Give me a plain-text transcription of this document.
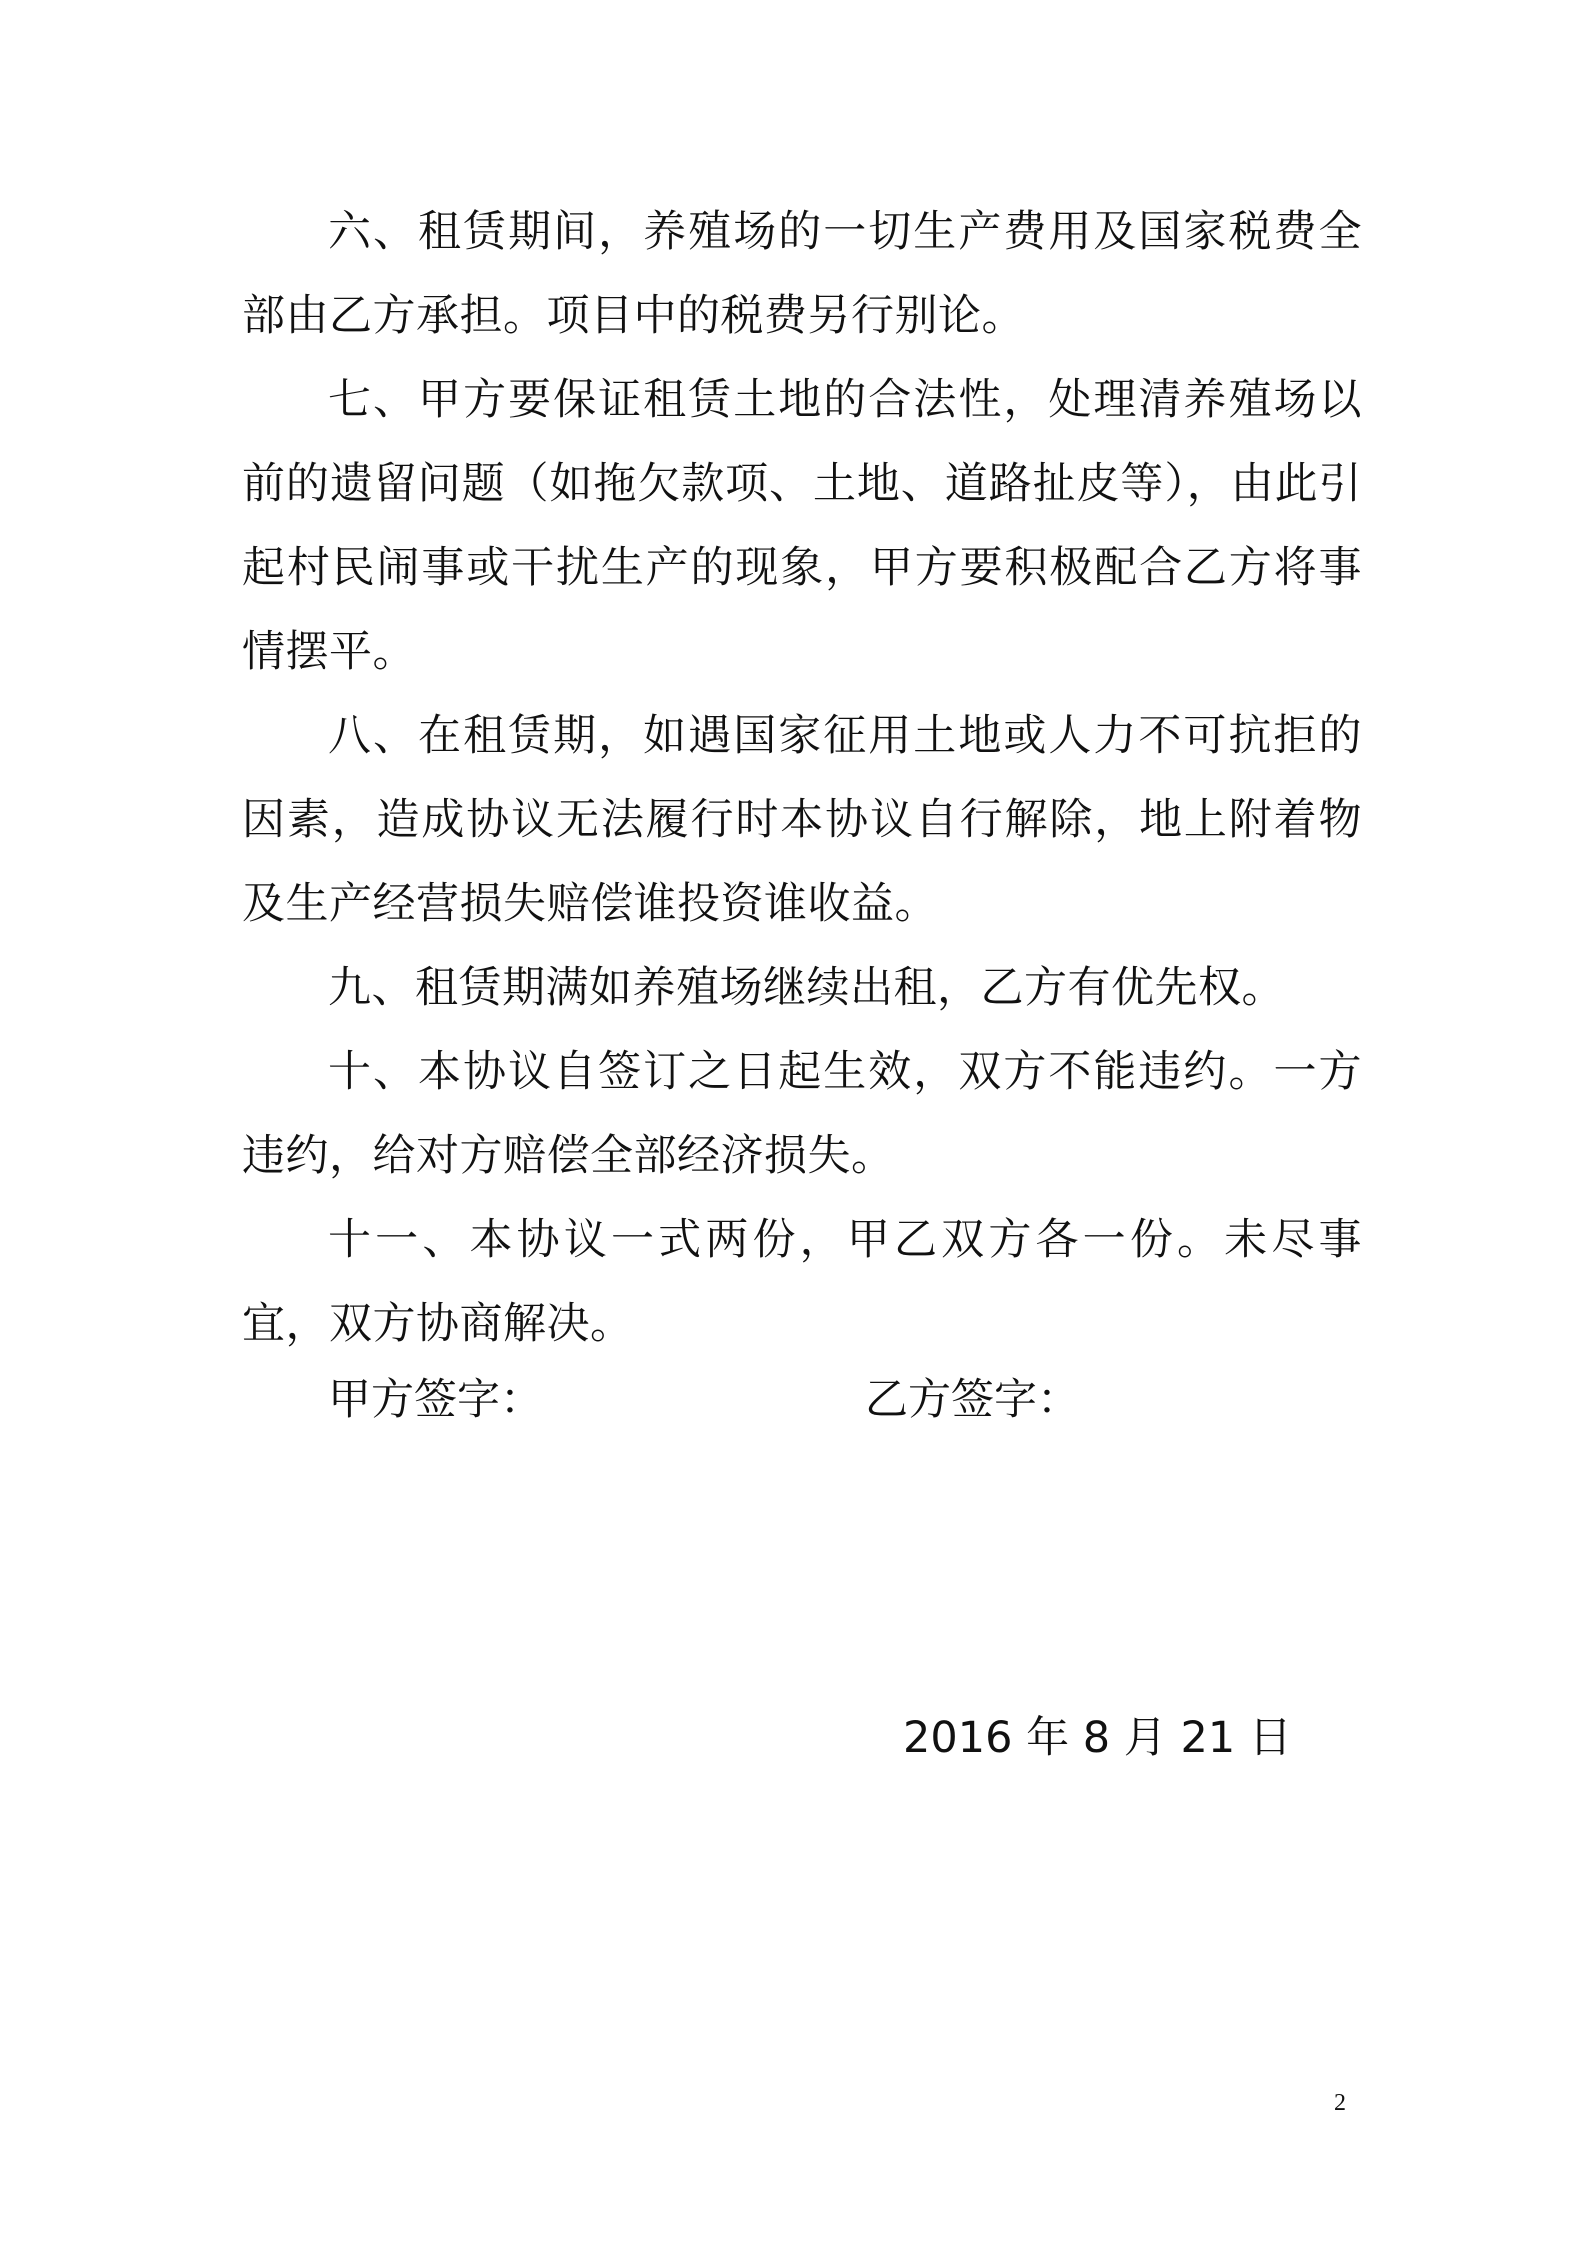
六、租赁期间，养殖场的一切生产费用及国家税费全部由乙方承担。项目中的税费另行别论。

七、甲方要保证租赁土地的合法性，处理清养殖场以前的遗留问题（如拖欠款项、土地、道路扯皮等），由此引起村民闹事或干扰生产的现象，甲方要积极配合乙方将事情摆平。

八、在租赁期，如遇国家征用土地或人力不可抗拒的因素，造成协议无法履行时本协议自行解除，地上附着物及生产经营损失赔偿谁投资谁收益。

九、租赁期满如养殖场继续出租，乙方有优先权。

十、本协议自签订之日起生效，双方不能违约。一方违约，给对方赔偿全部经济损失。

十一、本协议一式两份，甲乙双方各一份。未尽事宜，双方协商解决。

甲方签字：	乙方签字：
2016 年 8 月 21 日
2
